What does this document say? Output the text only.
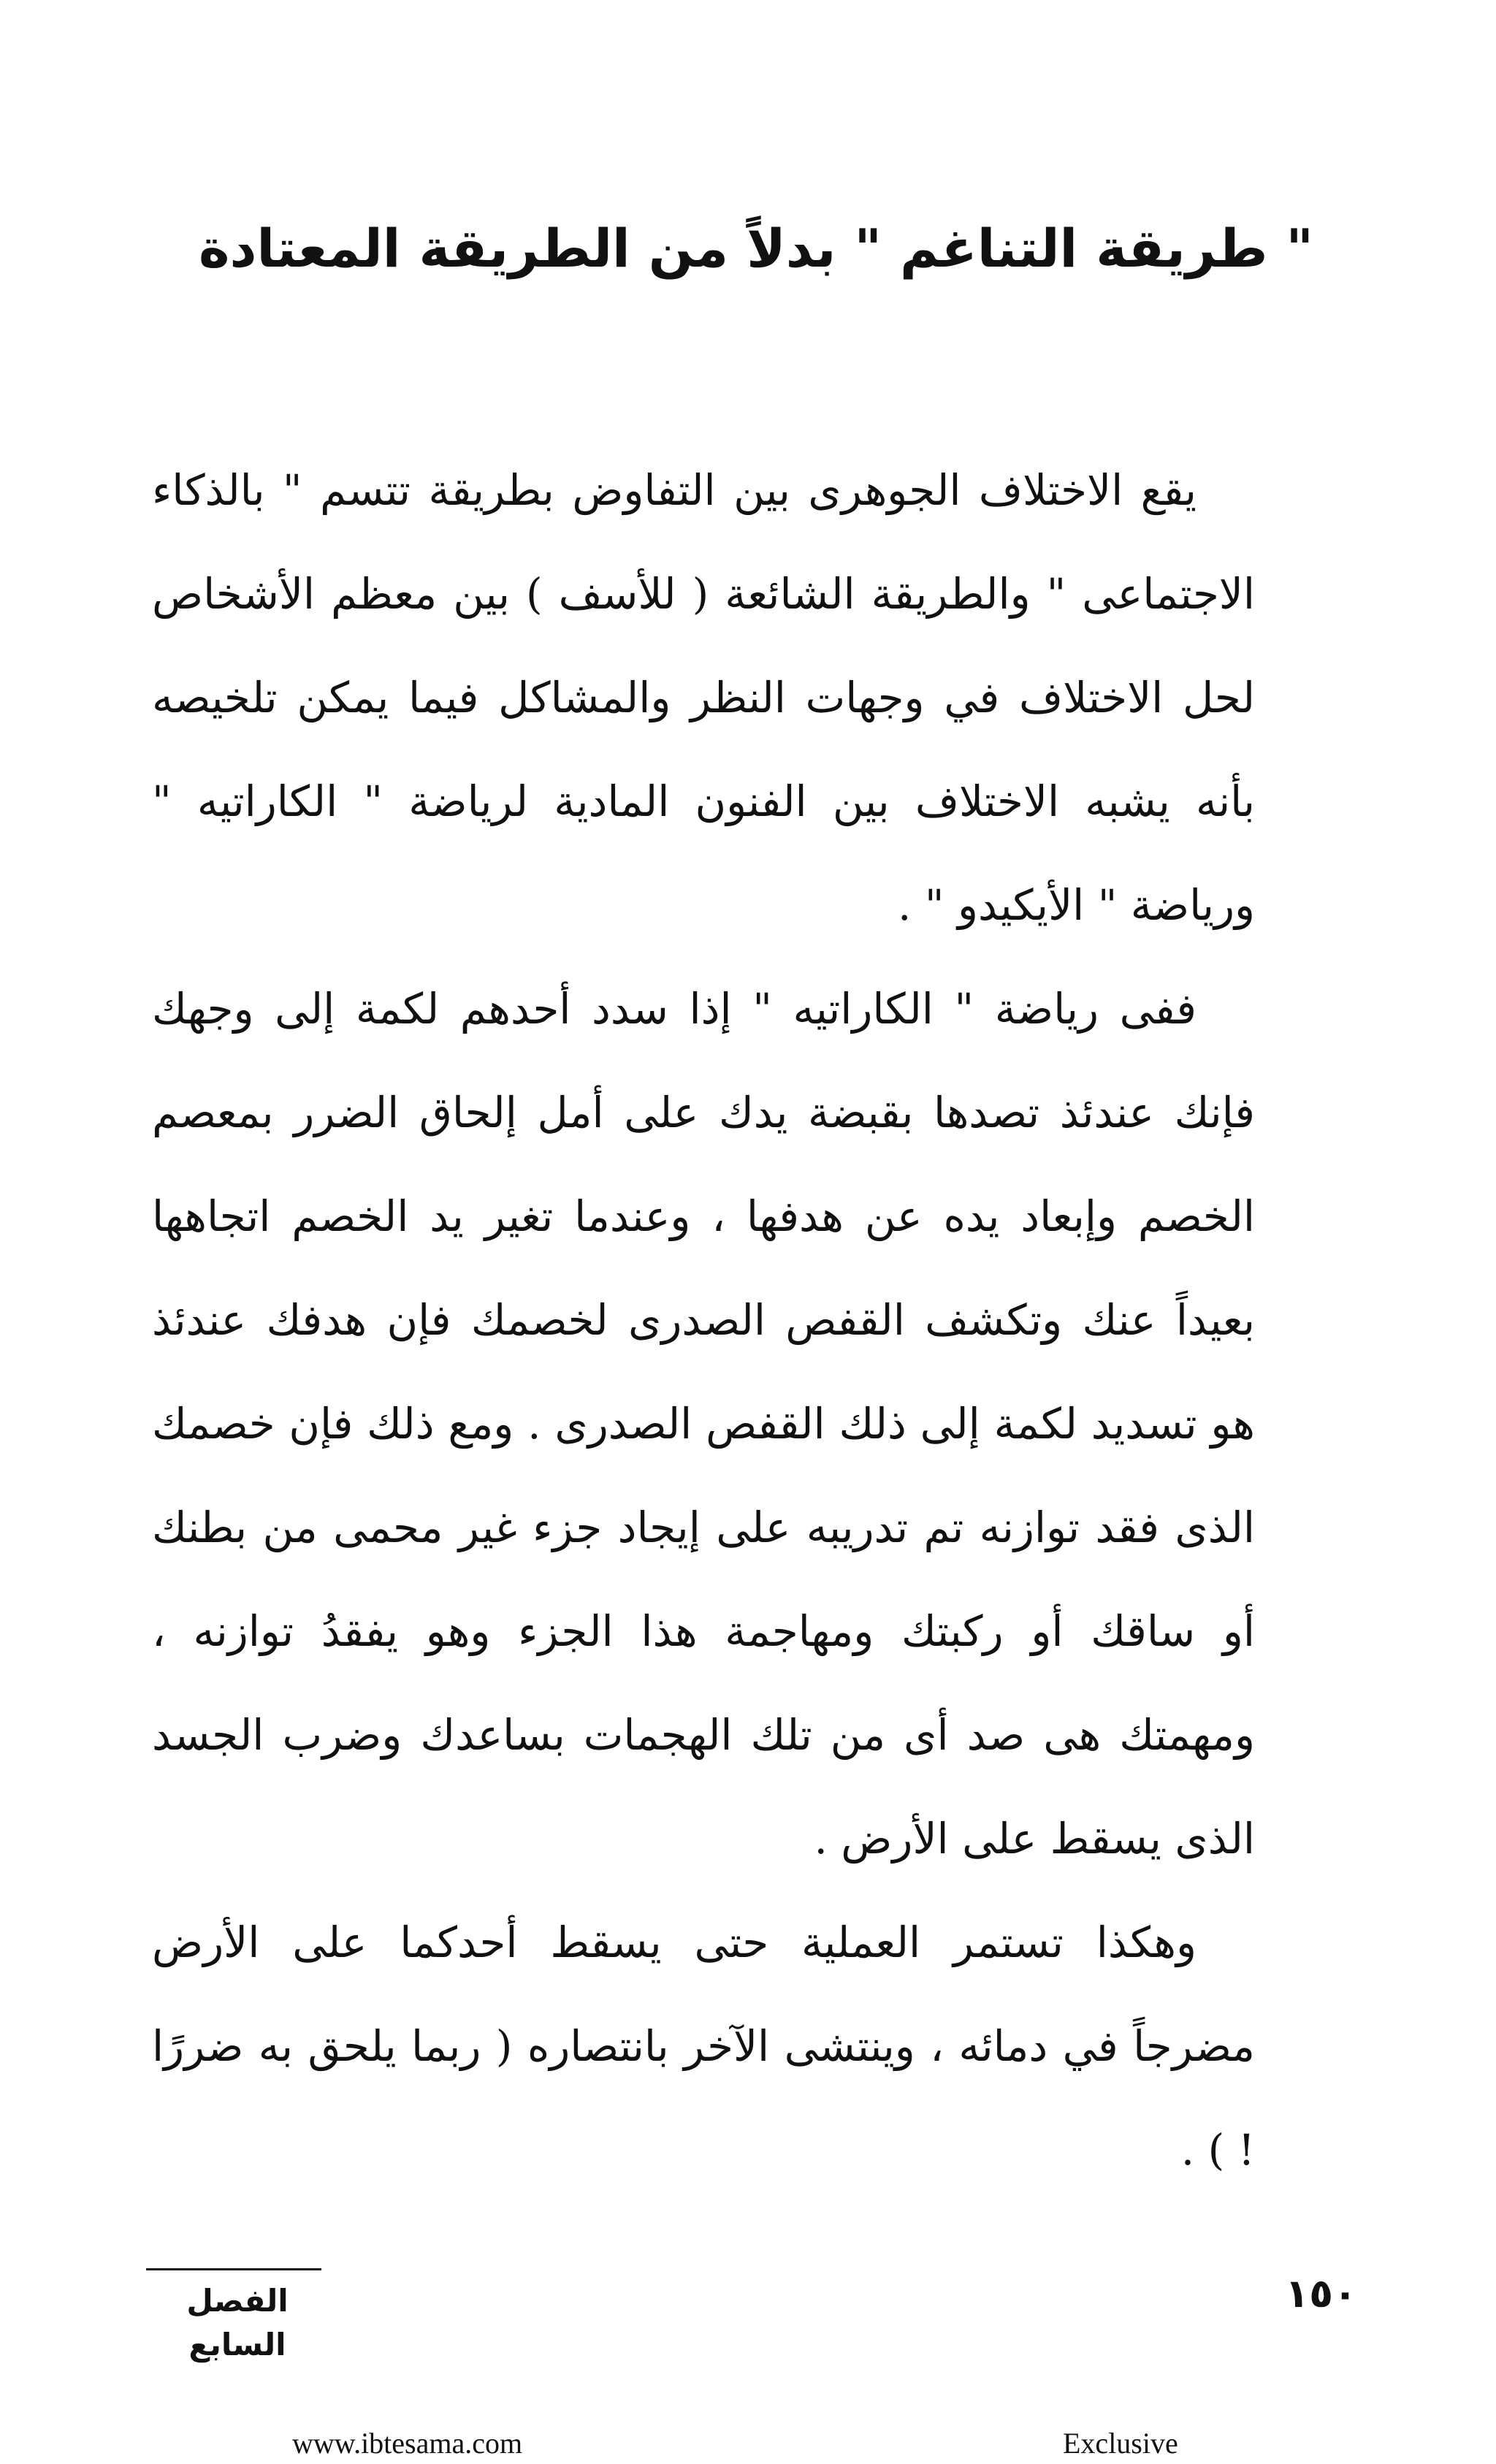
" طريقة التناغم " بدلاً من الطريقة المعتادة

يقع الاختلاف الجوهرى بين التفاوض بطريقة تتسم " بالذكاء الاجتماعى " والطريقة الشائعة ( للأسف ) بين معظم الأشخاص لحل الاختلاف في وجهات النظر والمشاكل فيما يمكن تلخيصه بأنه يشبه الاختلاف بين الفنون المادية لرياضة " الكاراتيه " ورياضة " الأيكيدو " .

ففى رياضة " الكاراتيه " إذا سدد أحدهم لكمة إلى وجهك فإنك عندئذ تصدها بقبضة يدك على أمل إلحاق الضرر بمعصم الخصم وإبعاد يده عن هدفها ، وعندما تغير يد الخصم اتجاهها بعيداً عنك وتكشف القفص الصدرى لخصمك فإن هدفك عندئذ هو تسديد لكمة إلى ذلك القفص الصدرى . ومع ذلك فإن خصمك الذى فقد توازنه تم تدريبه على إيجاد جزء غير محمى من بطنك أو ساقك أو ركبتك ومهاجمة هذا الجزء وهو يفقدُ توازنه ، ومهمتك هى صد أى من تلك الهجمات بساعدك وضرب الجسد الذى يسقط على الأرض .

وهكذا تستمر العملية حتى يسقط أحدكما على الأرض مضرجاً في دمائه ، وينتشى الآخر بانتصاره ( ربما يلحق به ضررًا ! ) .

الفصل السابع
١٥٠
www.ibtesama.com	Exclusive
